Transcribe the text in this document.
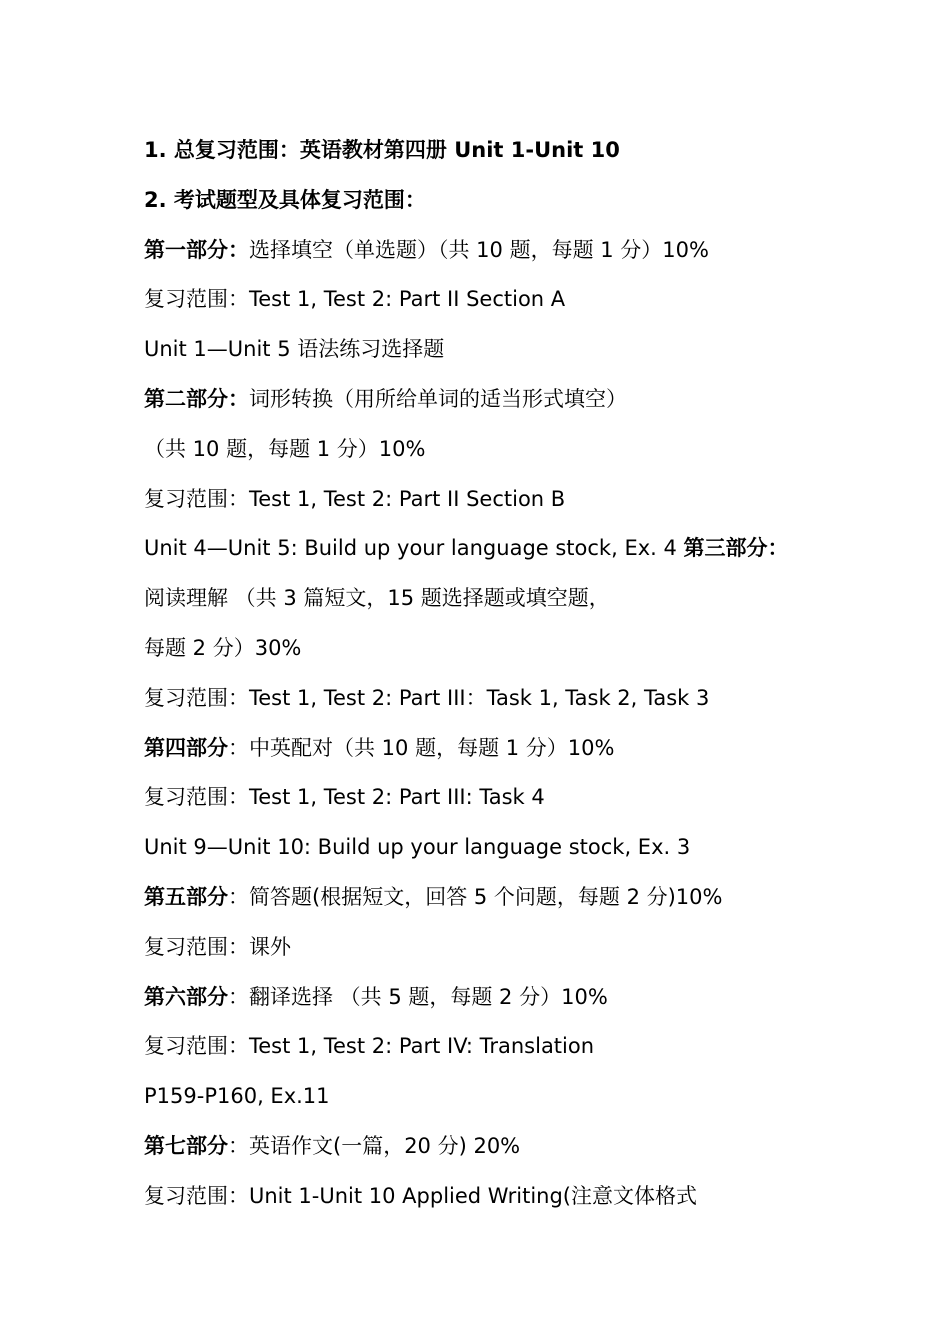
1. 总复习范围：英语教材第四册 Unit 1-Unit 10
2. 考试题型及具体复习范围：
第一部分：选择填空（单选题）（共 10 题，每题 1 分）10%
复习范围：Test 1, Test 2: Part II Section A
Unit 1—Unit 5 语法练习选择题
第二部分：词形转换（用所给单词的适当形式填空）
（共 10 题，每题 1 分）10%
复习范围：Test 1, Test 2: Part II Section B
Unit 4—Unit 5: Build up your language stock, Ex. 4 第三部分：
阅读理解 （共 3 篇短文，15 题选择题或填空题，
每题 2 分）30%
复习范围：Test 1, Test 2: Part III：Task 1, Task 2, Task 3
第四部分：中英配对（共 10 题，每题 1 分）10%
复习范围：Test 1, Test 2: Part III: Task 4
Unit 9—Unit 10: Build up your language stock, Ex. 3
第五部分：简答题(根据短文，回答 5 个问题，每题 2 分)10%
复习范围：课外
第六部分：翻译选择 （共 5 题，每题 2 分）10%
复习范围：Test 1, Test 2: Part IV: Translation
P159-P160, Ex.11
第七部分：英语作文(一篇，20 分) 20%
复习范围：Unit 1-Unit 10 Applied Writing(注意文体格式
